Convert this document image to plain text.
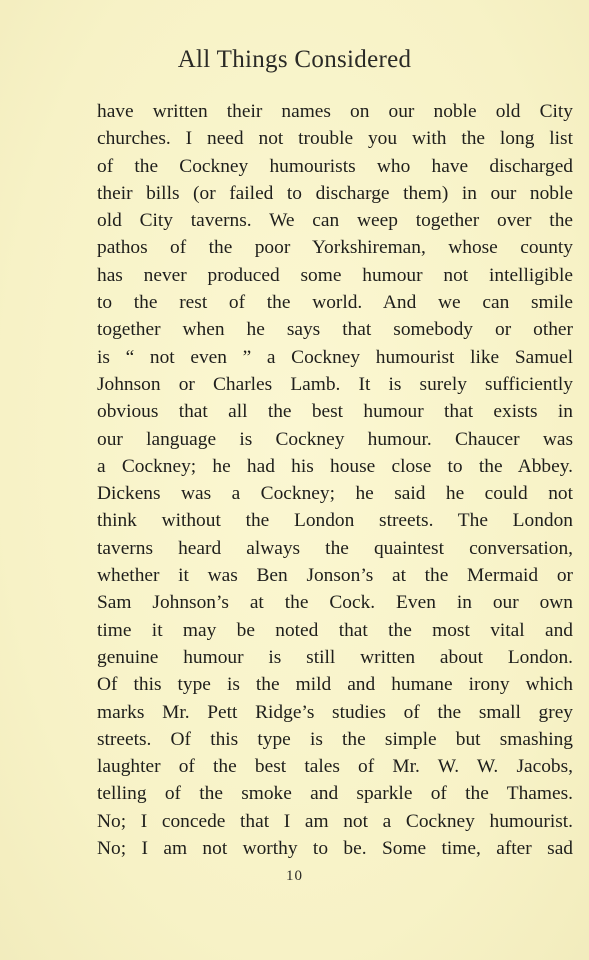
All Things Considered
have written their names on our noble old City
churches. I need not trouble you with the long list
of the Cockney humourists who have discharged
their bills (or failed to discharge them) in our noble
old City taverns. We can weep together over the
pathos of the poor Yorkshireman, whose county
has never produced some humour not intelligible
to the rest of the world. And we can smile
together when he says that somebody or other
is “ not even ” a Cockney humourist like Samuel
Johnson or Charles Lamb. It is surely sufficiently
obvious that all the best humour that exists in
our language is Cockney humour. Chaucer was
a Cockney; he had his house close to the Abbey.
Dickens was a Cockney; he said he could not
think without the London streets. The London
taverns heard always the quaintest conversation,
whether it was Ben Jonson’s at the Mermaid or
Sam Johnson’s at the Cock. Even in our own
time it may be noted that the most vital and
genuine humour is still written about London.
Of this type is the mild and humane irony which
marks Mr. Pett Ridge’s studies of the small grey
streets. Of this type is the simple but smashing
laughter of the best tales of Mr. W. W. Jacobs,
telling of the smoke and sparkle of the Thames.
No; I concede that I am not a Cockney humourist.
No; I am not worthy to be. Some time, after sad
10
